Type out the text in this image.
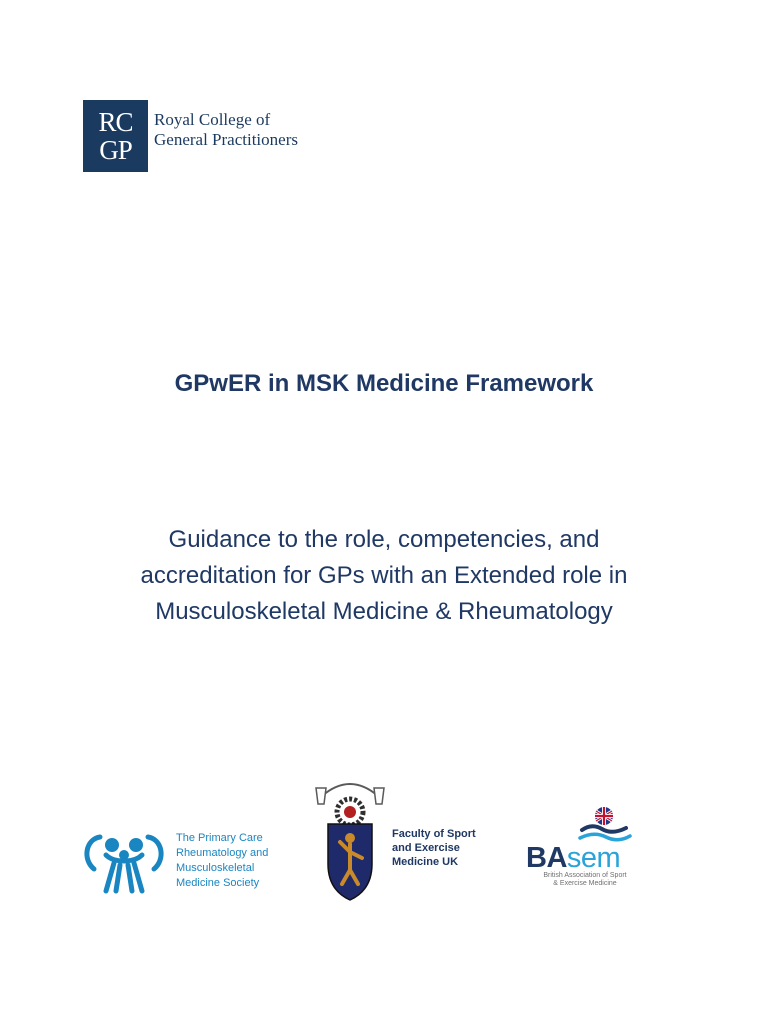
RC
GP
Royal College of
General Practitioners
GPwER in MSK Medicine Framework
Guidance to the role, competencies, and
accreditation for GPs with an Extended role in
Musculoskeletal Medicine & Rheumatology
The Primary Care
Rheumatology and
Musculoskeletal
Medicine Society
Faculty of Sport
and Exercise
Medicine UK	BAsem
British Association of Sport
& Exercise Medicine
